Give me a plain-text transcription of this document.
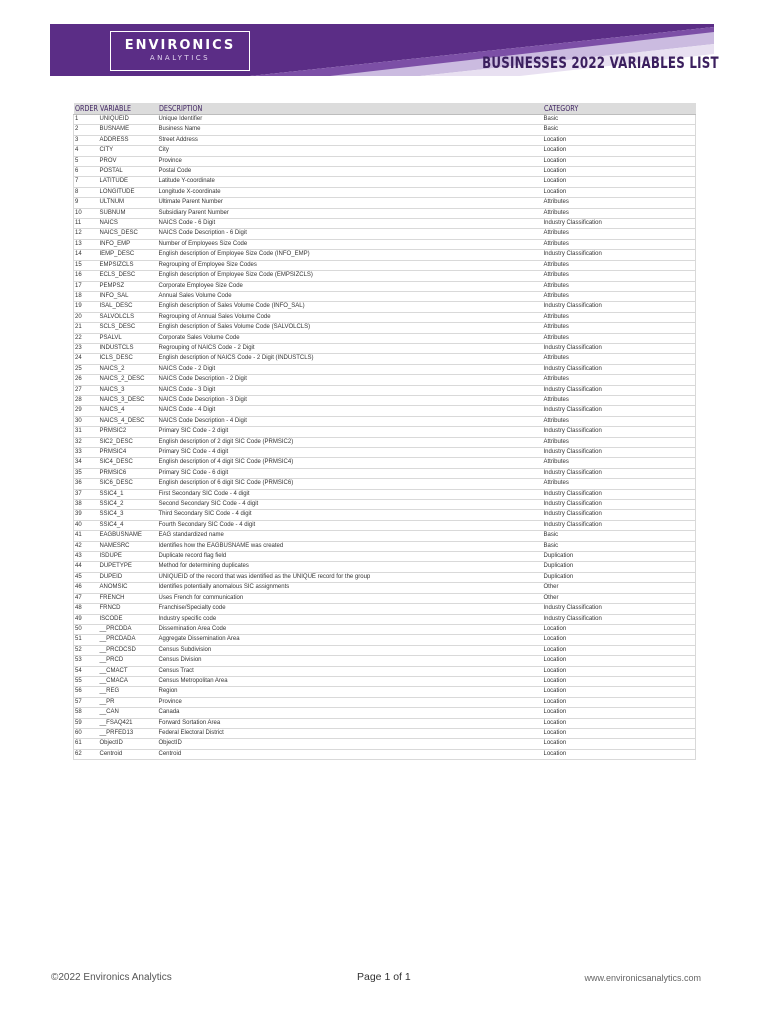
ENVIRONICS
ANALYTICS	BUSINESSES 2022 VARIABLES LIST
ORDER	VARIABLE	DESCRIPTION	CATEGORY
1	UNIQUEID	Unique Identifier	Basic
2	BUSNAME	Business Name	Basic
3	ADDRESS	Street Address	Location
4	CITY	City	Location
5	PROV	Province	Location
6	POSTAL	Postal Code	Location
7	LATITUDE	Latitude Y-coordinate	Location
8	LONGITUDE	Longitude X-coordinate	Location
9	ULTNUM	Ultimate Parent Number	Attributes
10	SUBNUM	Subsidiary Parent Number	Attributes
11	NAICS	NAICS Code - 6 Digit	Industry Classification
12	NAICS_DESC	NAICS Code Description - 6 Digit	Attributes
13	INFO_EMP	Number of Employees Size Code	Attributes
14	IEMP_DESC	English description of Employee Size Code (INFO_EMP)	Industry Classification
15	EMPSIZCLS	Regrouping of Employee Size Codes	Attributes
16	ECLS_DESC	English description of Employee Size Code (EMPSIZCLS)	Attributes
17	PEMPSZ	Corporate Employee Size Code	Attributes
18	INFO_SAL	Annual Sales Volume Code	Attributes
19	ISAL_DESC	English description of Sales Volume Code (INFO_SAL)	Industry Classification
20	SALVOLCLS	Regrouping of Annual Sales Volume Code	Attributes
21	SCLS_DESC	English description of Sales Volume Code (SALVOLCLS)	Attributes
22	PSALVL	Corporate Sales Volume Code	Attributes
23	INDUSTCLS	Regrouping of NAICS Code - 2 Digit	Industry Classification
24	ICLS_DESC	English description of NAICS Code - 2 Digit (INDUSTCLS)	Attributes
25	NAICS_2	NAICS Code - 2 Digit	Industry Classification
26	NAICS_2_DESC	NAICS Code Description - 2 Digit	Attributes
27	NAICS_3	NAICS Code - 3 Digit	Industry Classification
28	NAICS_3_DESC	NAICS Code Description - 3 Digit	Attributes
29	NAICS_4	NAICS Code - 4 Digit	Industry Classification
30	NAICS_4_DESC	NAICS Code Description - 4 Digit	Attributes
31	PRMSIC2	Primary SIC Code - 2 digit	Industry Classification
32	SIC2_DESC	English description of 2 digit SIC Code (PRMSIC2)	Attributes
33	PRMSIC4	Primary SIC Code - 4 digit	Industry Classification
34	SIC4_DESC	English description of 4 digit SIC Code (PRMSIC4)	Attributes
35	PRMSIC6	Primary SIC Code - 6 digit	Industry Classification
36	SIC6_DESC	English description of 6 digit SIC Code (PRMSIC6)	Attributes
37	SSIC4_1	First Secondary SIC Code - 4 digit	Industry Classification
38	SSIC4_2	Second Secondary SIC Code - 4 digit	Industry Classification
39	SSIC4_3	Third Secondary SIC Code - 4 digit	Industry Classification
40	SSIC4_4	Fourth Secondary SIC Code - 4 digit	Industry Classification
41	EAGBUSNAME	EAG standardized name	Basic
42	NAMESRC	Identifies how the EAGBUSNAME was created	Basic
43	ISDUPE	Duplicate record flag field	Duplication
44	DUPETYPE	Method for determining duplicates	Duplication
45	DUPEID	UNIQUEID of the record that was identified as the UNIQUE record for the group	Duplication
46	ANOMSIC	Identifies potentially anomalous SIC assignments	Other
47	FRENCH	Uses French for communication	Other
48	FRNCD	Franchise/Specialty code	Industry Classification
49	ISCODE	Industry specific code	Industry Classification
50	__PRCDDA	Dissemination Area Code	Location
51	__PRCDADA	Aggregate Dissemination Area	Location
52	__PRCDCSD	Census Subdivision	Location
53	__PRCD	Census Division	Location
54	__CMACT	Census Tract	Location
55	__CMACA	Census Metropolitan Area	Location
56	__REG	Region	Location
57	__PR	Province	Location
58	__CAN	Canada	Location
59	__FSAQ421	Forward Sortation Area	Location
60	__PRFED13	Federal Electoral District	Location
61	ObjectID	ObjectID	Location
62	Centroid	Centroid	Location
©2022 Environics Analytics	Page 1 of 1	www.environicsanalytics.com
